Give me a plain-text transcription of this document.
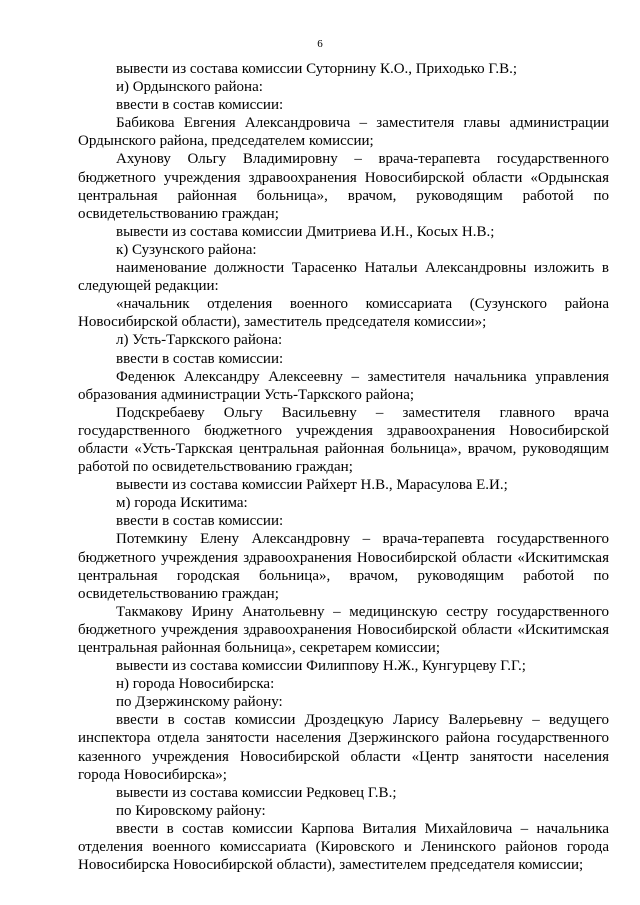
6

вывести из состава комиссии Суторнину К.О., Приходько Г.В.;

и) Ордынского района:

ввести в состав комиссии:

Бабикова Евгения Александровича – заместителя главы администрации Ордынского района, председателем комиссии;

Ахунову Ольгу Владимировну – врача-терапевта государственного бюджетного учреждения здравоохранения Новосибирской области «Ордынская центральная районная больница», врачом, руководящим работой по освидетельствованию граждан;

вывести из состава комиссии Дмитриева И.Н., Косых Н.В.;

к) Сузунского района:

наименование должности Тарасенко Натальи Александровны изложить в следующей редакции:

«начальник отделения военного комиссариата (Сузунского района Новосибирской области), заместитель председателя комиссии»;

л) Усть-Таркского района:

ввести в состав комиссии:

Феденюк Александру Алексеевну – заместителя начальника управления образования администрации Усть-Таркского района;

Подскребаеву Ольгу Васильевну – заместителя главного врача государственного бюджетного учреждения здравоохранения Новосибирской области «Усть-Таркская центральная районная больница», врачом, руководящим работой по освидетельствованию граждан;

вывести из состава комиссии Райхерт Н.В., Марасулова Е.И.;

м) города Искитима:

ввести в состав комиссии:

Потемкину Елену Александровну – врача-терапевта государственного бюджетного учреждения здравоохранения Новосибирской области «Искитимская центральная городская больница», врачом, руководящим работой по освидетельствованию граждан;

Такмакову Ирину Анатольевну – медицинскую сестру государственного бюджетного учреждения здравоохранения Новосибирской области «Искитимская центральная районная больница», секретарем комиссии;

вывести из состава комиссии Филиппову Н.Ж., Кунгурцеву Г.Г.;

н) города Новосибирска:

по Дзержинскому району:

ввести в состав комиссии Дроздецкую Ларису Валерьевну – ведущего инспектора отдела занятости населения Дзержинского района государственного казенного учреждения Новосибирской области «Центр занятости населения города Новосибирска»;

вывести из состава комиссии Редковец Г.В.;

по Кировскому району:

ввести в состав комиссии Карпова Виталия Михайловича – начальника отделения военного комиссариата (Кировского и Ленинского районов города Новосибирска Новосибирской области), заместителем председателя комиссии;
